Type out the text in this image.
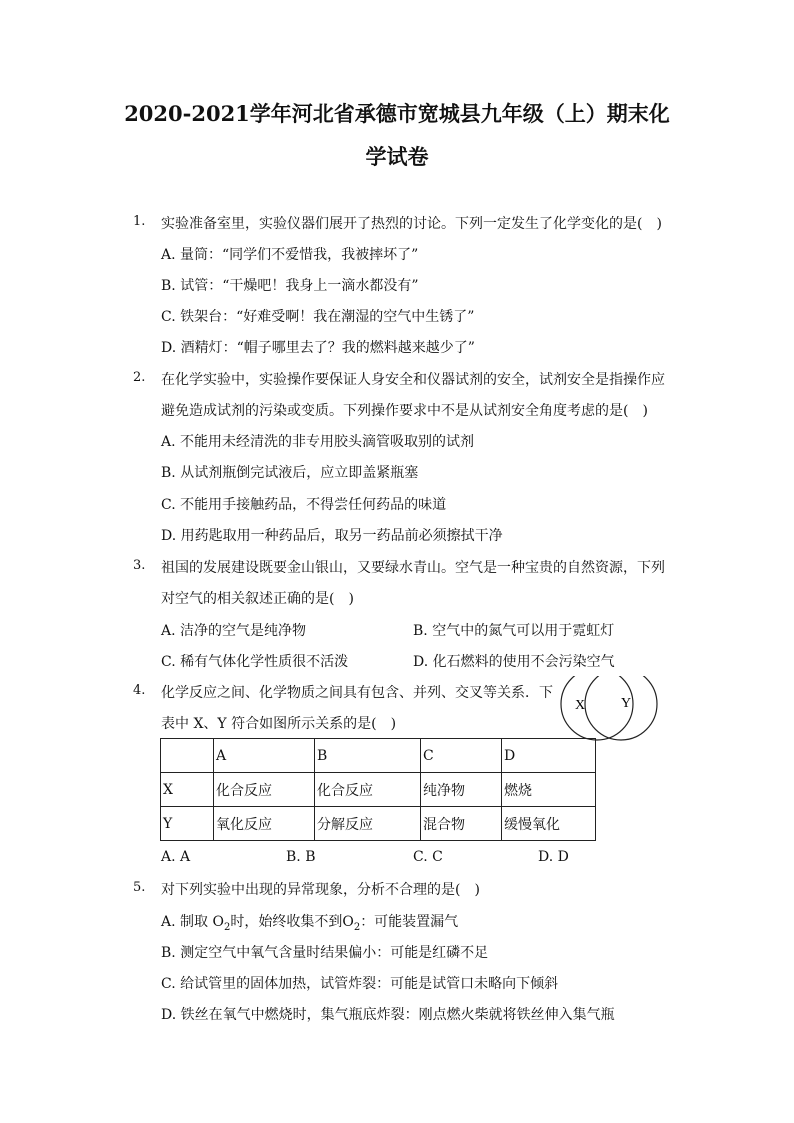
2020-2021学年河北省承德市宽城县九年级（上）期末化
学试卷
1. 实验准备室里，实验仪器们展开了热烈的讨论。下列一定发生了化学变化的是(　)
A. 量筒：“同学们不爱惜我，我被摔坏了”
B. 试管：“干燥吧！我身上一滴水都没有”
C. 铁架台：“好难受啊！我在潮湿的空气中生锈了”
D. 酒精灯：“帽子哪里去了？我的燃料越来越少了”
2. 在化学实验中，实验操作要保证人身安全和仪器试剂的安全，试剂安全是指操作应
避免造成试剂的污染或变质。下列操作要求中不是从试剂安全角度考虑的是(　)
A. 不能用未经清洗的非专用胶头滴管吸取别的试剂
B. 从试剂瓶倒完试液后，应立即盖紧瓶塞
C. 不能用手接触药品，不得尝任何药品的味道
D. 用药匙取用一种药品后，取另一药品前必须擦拭干净
3. 祖国的发展建设既要金山银山，又要绿水青山。空气是一种宝贵的自然资源，下列
对空气的相关叙述正确的是(　)
A. 洁净的空气是纯净物	B. 空气中的氮气可以用于霓虹灯
C. 稀有气体化学性质很不活泼	D. 化石燃料的使用不会污染空气
4. 化学反应之间、化学物质之间具有包含、并列、交叉等关系．下
表中 X、Y 符合如图所示关系的是(　)
X	Y
	A	B	C	D
X	化合反应	化合反应	纯净物	燃烧
Y	氧化反应	分解反应	混合物	缓慢氧化
A. A	B. B	C. C	D. D
5. 对下列实验中出现的异常现象，分析不合理的是(　)
A. 制取 $O_2$时，始终收集不到$O_2$：可能装置漏气
B. 测定空气中氧气含量时结果偏小：可能是红磷不足
C. 给试管里的固体加热，试管炸裂：可能是试管口未略向下倾斜
D. 铁丝在氧气中燃烧时，集气瓶底炸裂：刚点燃火柴就将铁丝伸入集气瓶
